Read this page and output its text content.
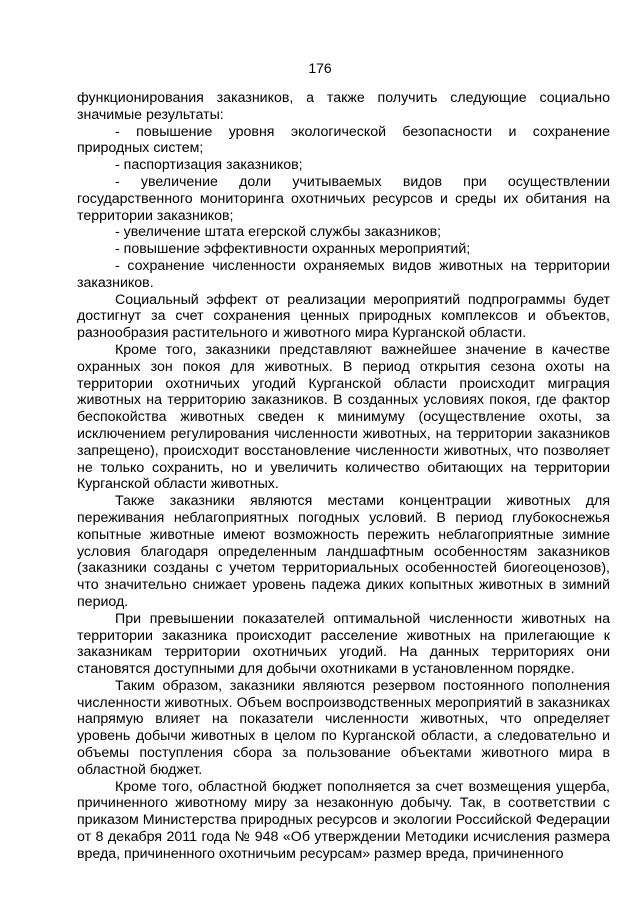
176

функционирования заказников, а также получить следующие социально значимые результаты:

- повышение уровня экологической безопасности и сохранение природных систем;

- паспортизация заказников;

- увеличение доли учитываемых видов при осуществлении государственного мониторинга охотничьих ресурсов и среды их обитания на территории заказников;

- увеличение штата егерской службы заказников;

- повышение эффективности охранных мероприятий;

- сохранение численности охраняемых видов животных на территории заказников.

Социальный эффект от реализации мероприятий подпрограммы будет достигнут за счет сохранения ценных природных комплексов и объектов, разнообразия растительного и животного мира Курганской области.

Кроме того, заказники представляют важнейшее значение в качестве охранных зон покоя для животных. В период открытия сезона охоты на территории охотничьих угодий Курганской области происходит миграция животных на территорию заказников. В созданных условиях покоя, где фактор беспокойства животных сведен к минимуму (осуществление охоты, за исключением регулирования численности животных, на территории заказников запрещено), происходит восстановление численности животных, что позволяет не только сохранить, но и увеличить количество обитающих на территории Курганской области животных.

Также заказники являются местами концентрации животных для переживания неблагоприятных погодных условий. В период глубокоснежья копытные животные имеют возможность пережить неблагоприятные зимние условия благодаря определенным ландшафтным особенностям заказников (заказники созданы с учетом территориальных особенностей биогеоценозов), что значительно снижает уровень падежа диких копытных животных в зимний период.

При превышении показателей оптимальной численности животных на территории заказника происходит расселение животных на прилегающие к заказникам территории охотничьих угодий. На данных территориях они становятся доступными для добычи охотниками в установленном порядке.

Таким образом, заказники являются резервом постоянного пополнения численности животных. Объем воспроизводственных мероприятий в заказниках напрямую влияет на показатели численности животных, что определяет уровень добычи животных в целом по Курганской области, а следовательно и объемы поступления сбора за пользование объектами животного мира в областной бюджет.

Кроме того, областной бюджет пополняется за счет возмещения ущерба, причиненного животному миру за незаконную добычу. Так, в соответствии с приказом Министерства природных ресурсов и экологии Российской Федерации от 8 декабря 2011 года № 948 «Об утверждении Методики исчисления размера вреда, причиненного охотничьим ресурсам» размер вреда, причиненного
